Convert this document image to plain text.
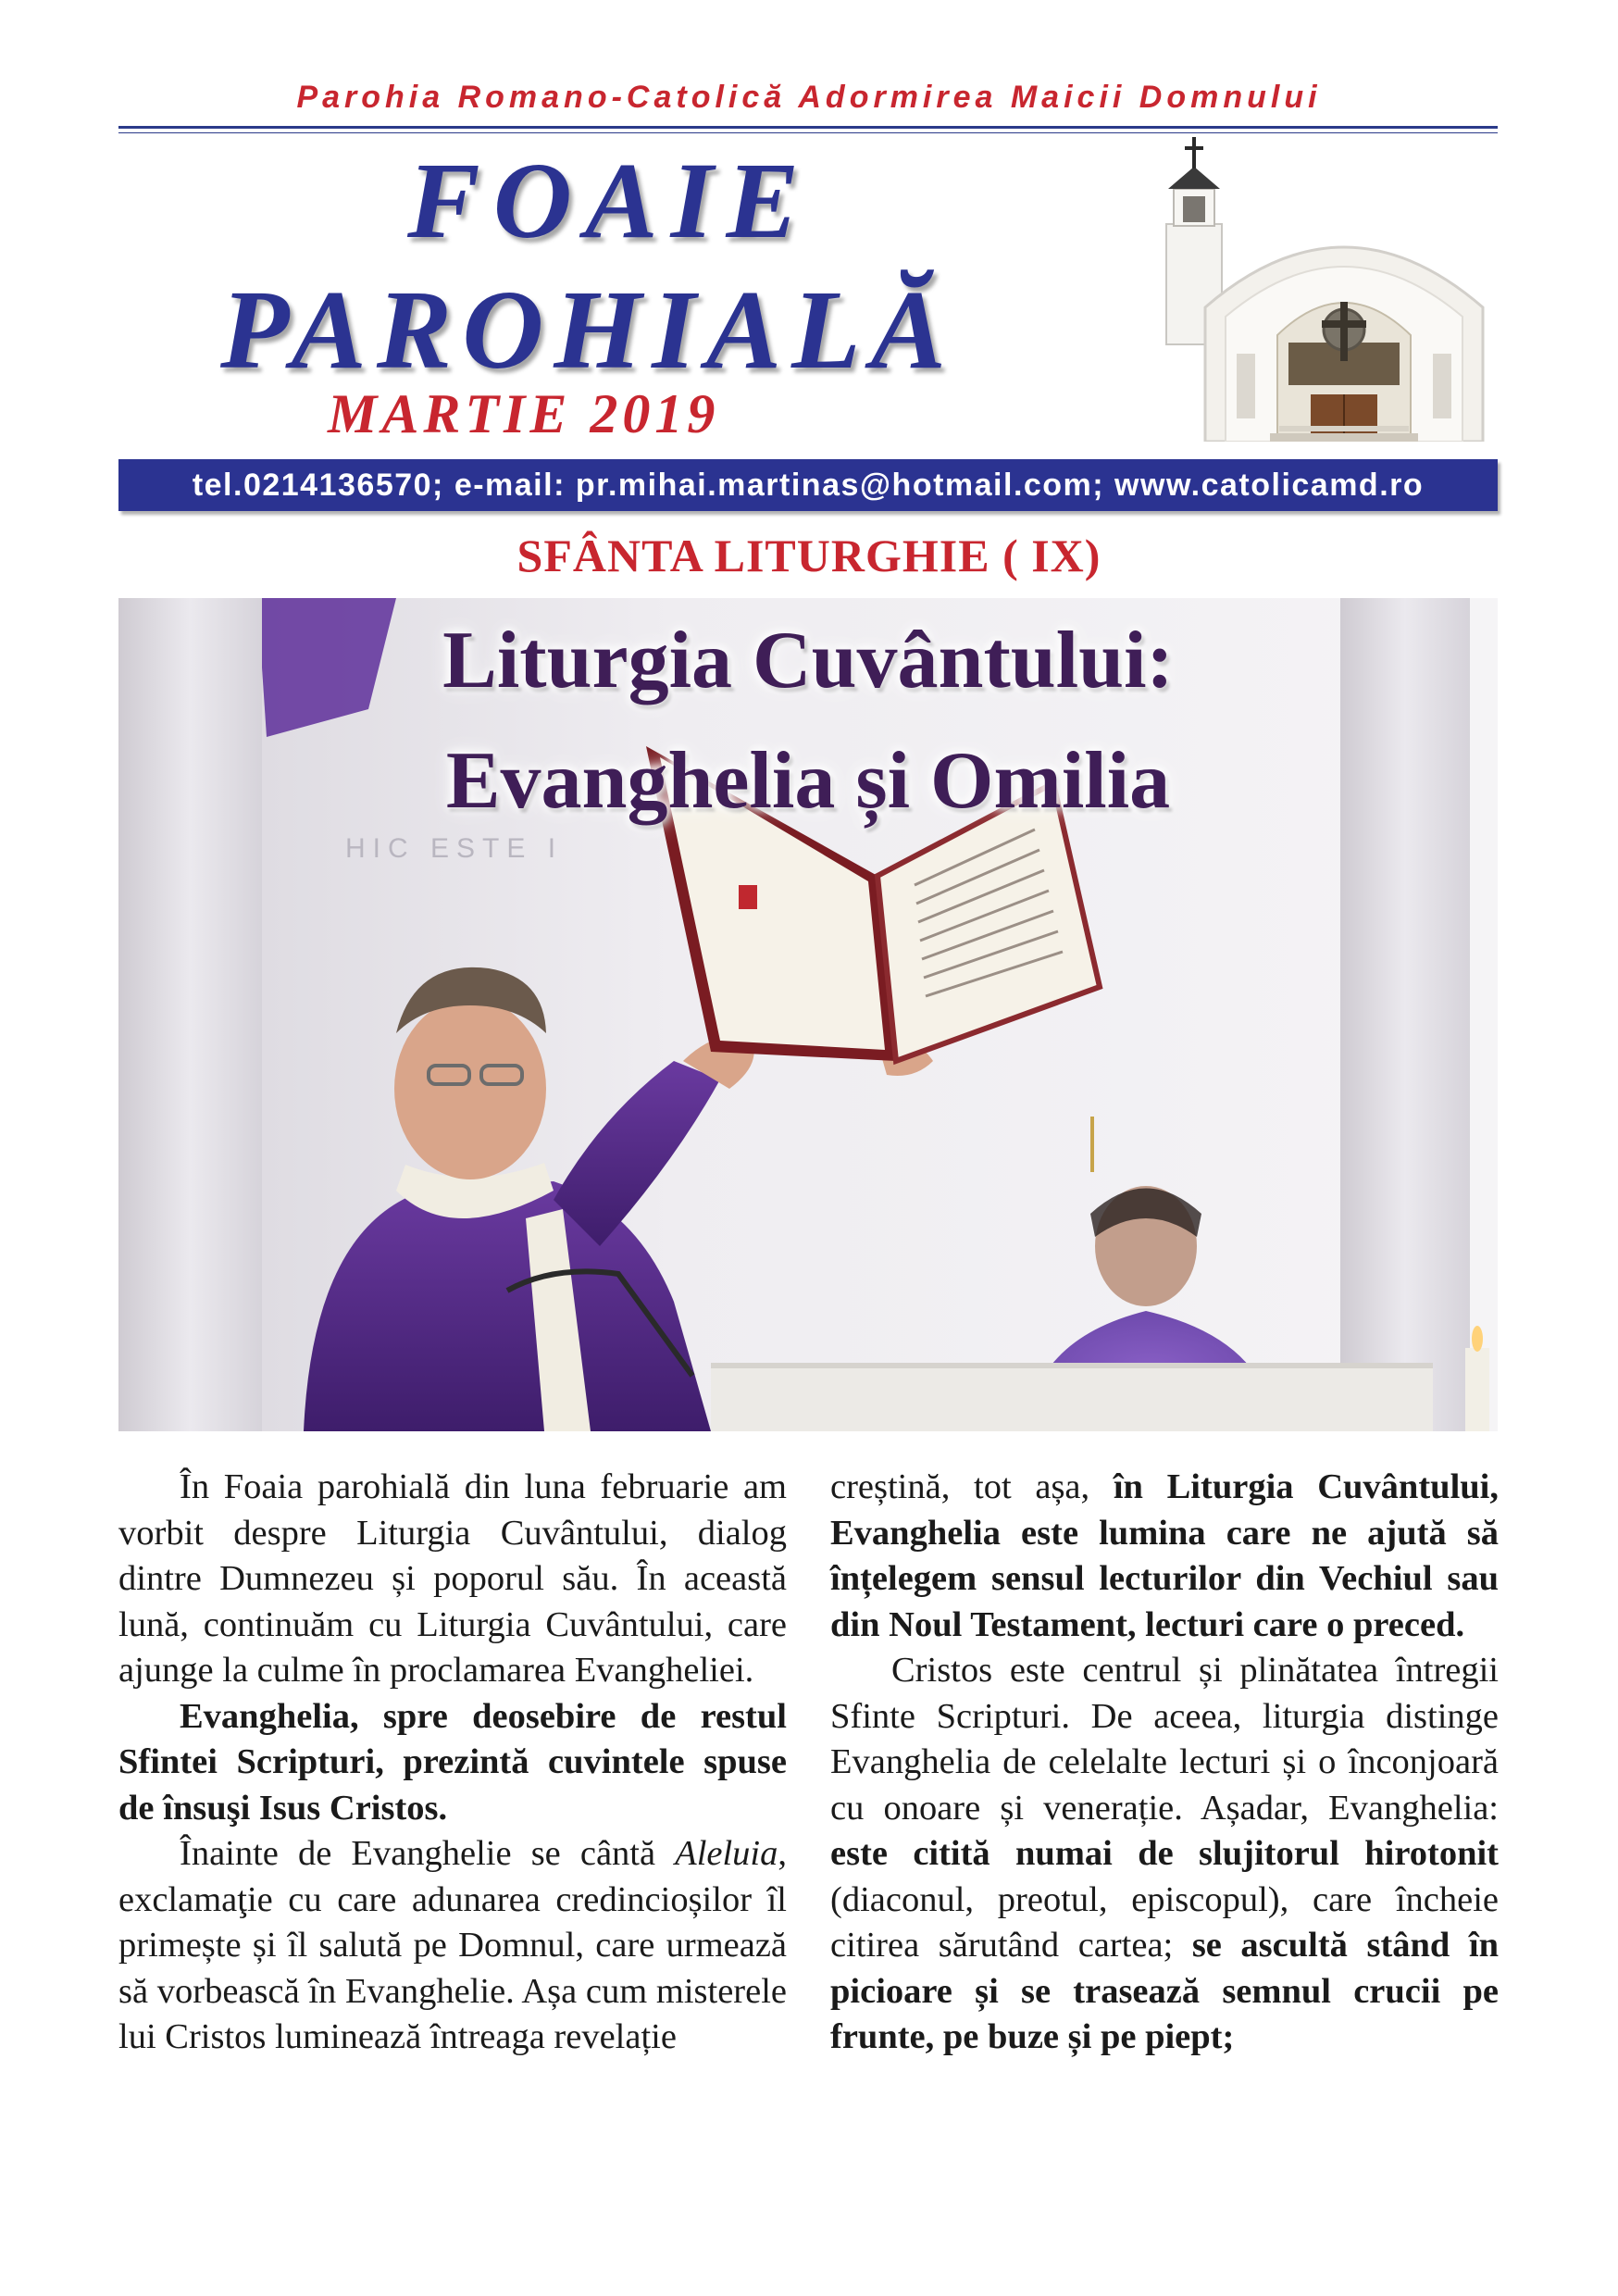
Parohia Romano-Catolică Adormirea Maicii Domnului
FOAIE
PAROHIALĂ
MARTIE 2019
tel.0214136570; e-mail: pr.mihai.martinas@hotmail.com; www.catolicamd.ro
SFÂNTA LITURGHIE ( IX)
HIC ESTE I
Liturgia Cuvântului:
Evanghelia și Omilia

În Foaia parohială din luna februarie am vorbit despre Liturgia Cuvântului, dialog dintre Dumnezeu și poporul său. În această lună, continuăm cu Liturgia Cuvântului, care ajunge la culme în proclamarea Evangheliei.

Evanghelia, spre deosebire de restul Sfintei Scripturi, prezintă cuvintele spuse de însuşi Isus Cristos.

Înainte de Evanghelie se cântă Aleluia, exclamaţie cu care adunarea credincioșilor îl primește și îl salută pe Domnul, care urmează să vorbească în Evanghelie. Așa cum misterele lui Cristos luminează întreaga revelație

creștină, tot așa, în Liturgia Cuvântului, Evanghelia este lumina care ne ajută să înțelegem sensul lecturilor din Vechiul sau din Noul Testament, lecturi care o preced.

Cristos este centrul și plinătatea întregii Sfinte Scripturi. De aceea, liturgia distinge Evanghelia de celelalte lecturi și o înconjoară cu onoare și venerație. Așadar, Evanghelia: este citită numai de slujitorul hirotonit (diaconul, preotul, episcopul), care încheie citirea sărutând cartea; se ascultă stând în picioare și se trasează semnul crucii pe frunte, pe buze și pe piept;
